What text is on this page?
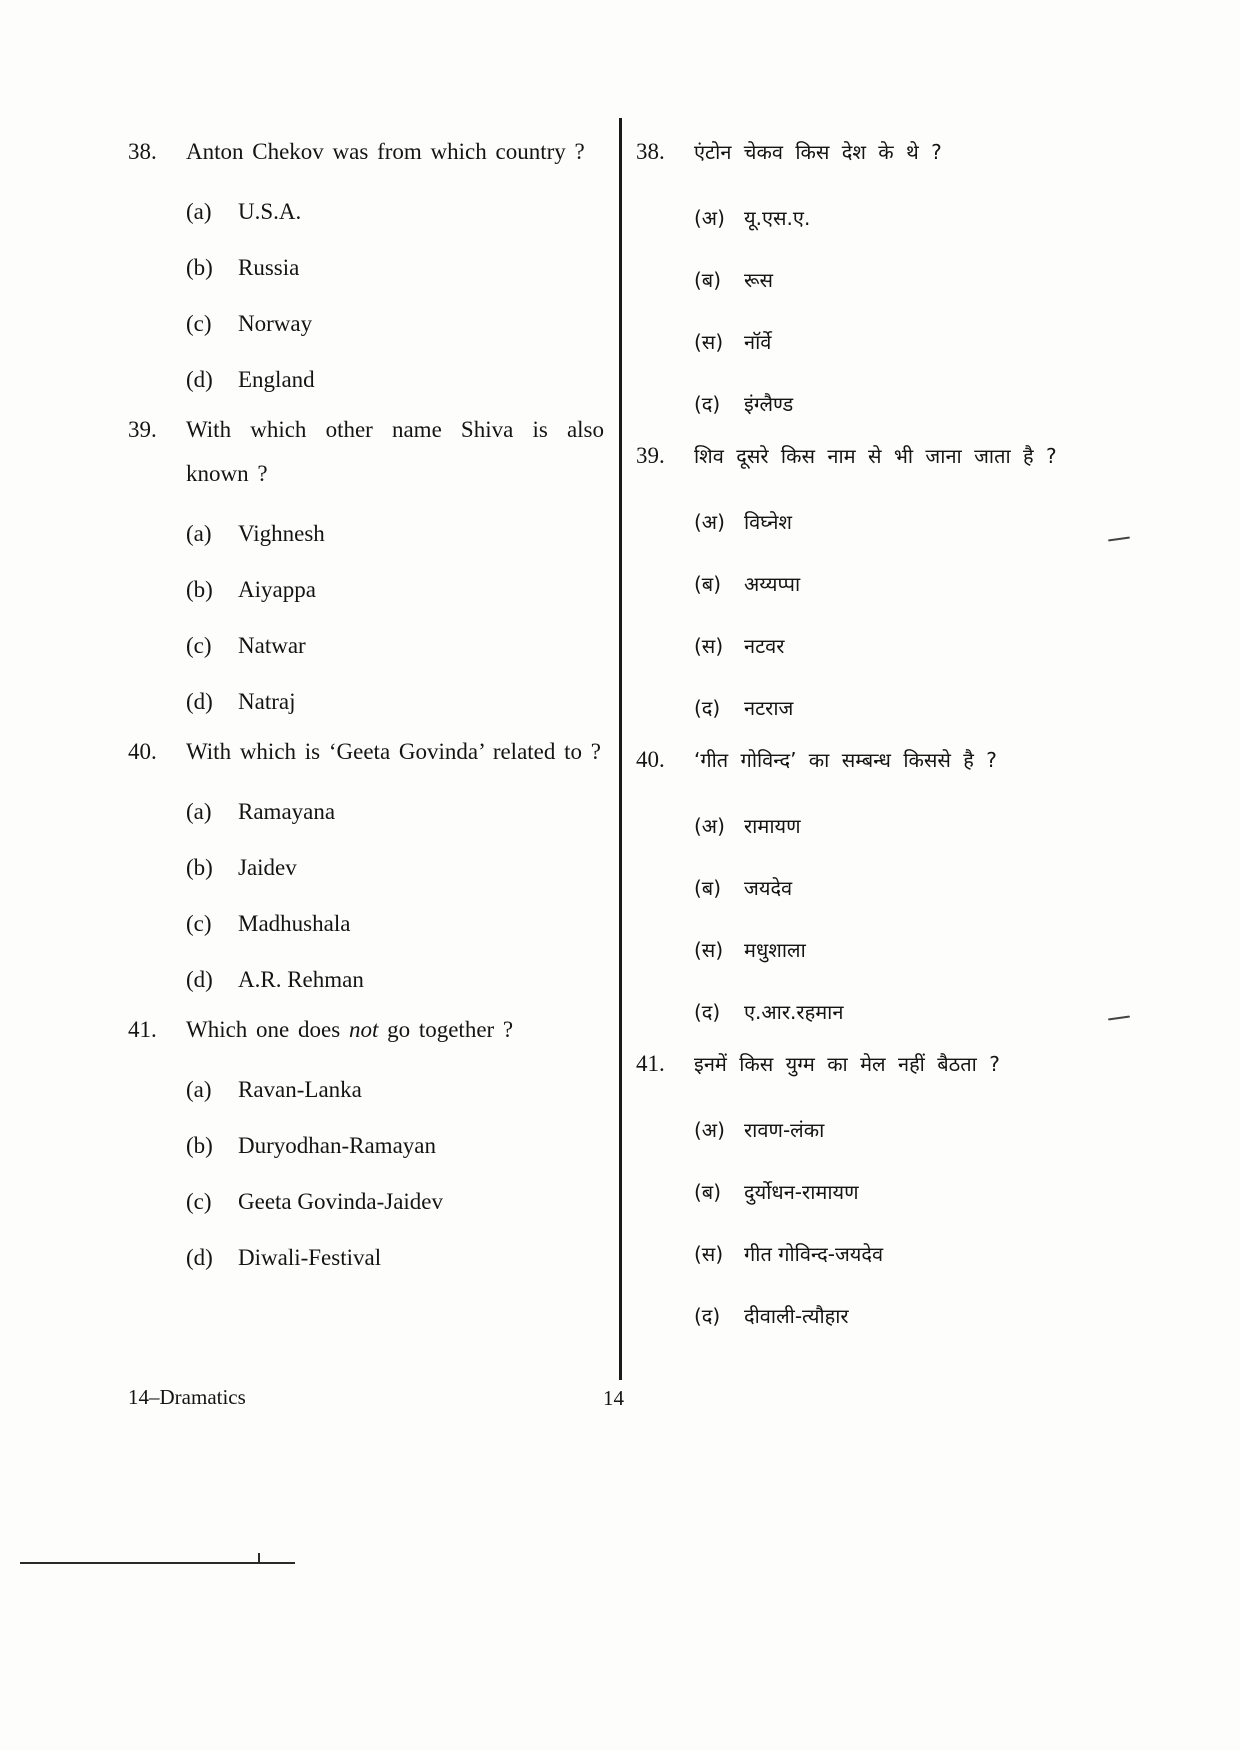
38.	Anton Chekov was from which country ?
(a)	U.S.A.
(b)	Russia
(c)	Norway
(d)	England
39.	With which other name Shiva is also known ?
(a)	Vighnesh
(b)	Aiyappa
(c)	Natwar
(d)	Natraj
40.	With which is ‘Geeta Govinda’ related to ?
(a)	Ramayana
(b)	Jaidev
(c)	Madhushala
(d)	A.R. Rehman
41.	Which one does not go together ?
(a)	Ravan-Lanka
(b)	Duryodhan-Ramayan
(c)	Geeta Govinda-Jaidev
(d)	Diwali-Festival
38.	एंटोन चेकव किस देश के थे ?
(अ) यू.एस.ए.
(ब)	रूस
(स)	नॉर्वे
(द)	इंग्लैण्ड
39.	शिव दूसरे किस नाम से भी जाना जाता है ?
(अ) विघ्नेश
(ब)	अय्यप्पा
(स)	नटवर
(द)	नटराज
40.	‘गीत गोविन्द’ का सम्बन्ध किससे है ?
(अ) रामायण
(ब)	जयदेव
(स)	मधुशाला
(द)	ए.आर.रहमान
41.	इनमें किस युग्म का मेल नहीं बैठता ?
(अ) रावण-लंका
(ब)	दुर्योधन-रामायण
(स)	गीत गोविन्द-जयदेव
(द)	दीवाली-त्यौहार
14–Dramatics	14
